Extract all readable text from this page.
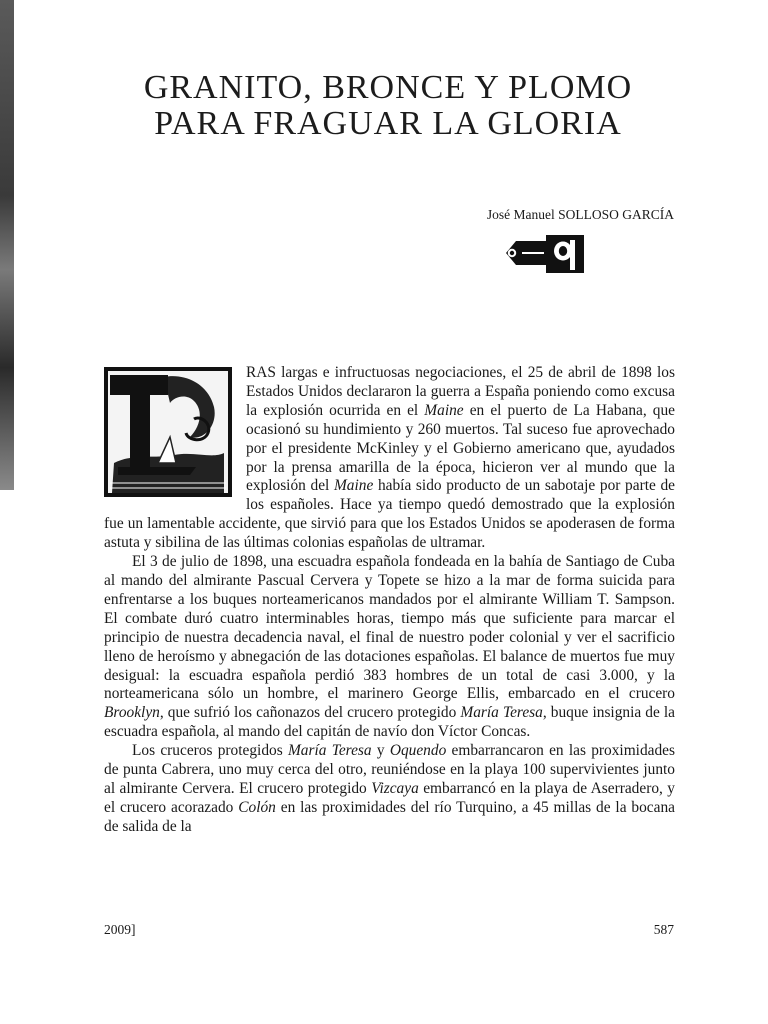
GRANITO, BRONCE Y PLOMO
PARA FRAGUAR LA GLORIA
José Manuel SOLLOSO GARCÍA

RAS largas e infructuosas negociaciones, el 25 de abril de 1898 los Estados Unidos declararon la guerra a España poniendo como excusa la explosión ocurrida en el Maine en el puerto de La Habana, que ocasionó su hundimiento y 260 muertos. Tal suceso fue aprovechado por el presidente McKinley y el Gobierno americano que, ayudados por la prensa amarilla de la época, hicieron ver al mundo que la explosión del Maine había sido producto de un sabotaje por parte de los españoles. Hace ya tiempo quedó demostrado que la explosión fue un lamentable accidente, que sirvió para que los Estados Unidos se apoderasen de forma astuta y sibilina de las últimas colonias españolas de ultramar.

El 3 de julio de 1898, una escuadra española fondeada en la bahía de Santiago de Cuba al mando del almirante Pascual Cervera y Topete se hizo a la mar de forma suicida para enfrentarse a los buques norteamericanos mandados por el almirante William T. Sampson. El combate duró cuatro interminables horas, tiempo más que suficiente para marcar el principio de nuestra decadencia naval, el final de nuestro poder colonial y ver el sacrificio lleno de heroísmo y abnegación de las dotaciones españolas. El balance de muertos fue muy desigual: la escuadra española perdió 383 hombres de un total de casi 3.000, y la norteamericana sólo un hombre, el marinero George Ellis, embarcado en el crucero Brooklyn, que sufrió los cañonazos del crucero protegido María Teresa, buque insignia de la escuadra española, al mando del capitán de navío don Víctor Concas.

Los cruceros protegidos María Teresa y Oquendo embarrancaron en las proximidades de punta Cabrera, uno muy cerca del otro, reuniéndose en la playa 100 supervivientes junto al almirante Cervera. El crucero protegido Vizcaya embarrancó en la playa de Aserradero, y el crucero acorazado Colón en las proximidades del río Turquino, a 45 millas de la bocana de salida de la

2009]	587
